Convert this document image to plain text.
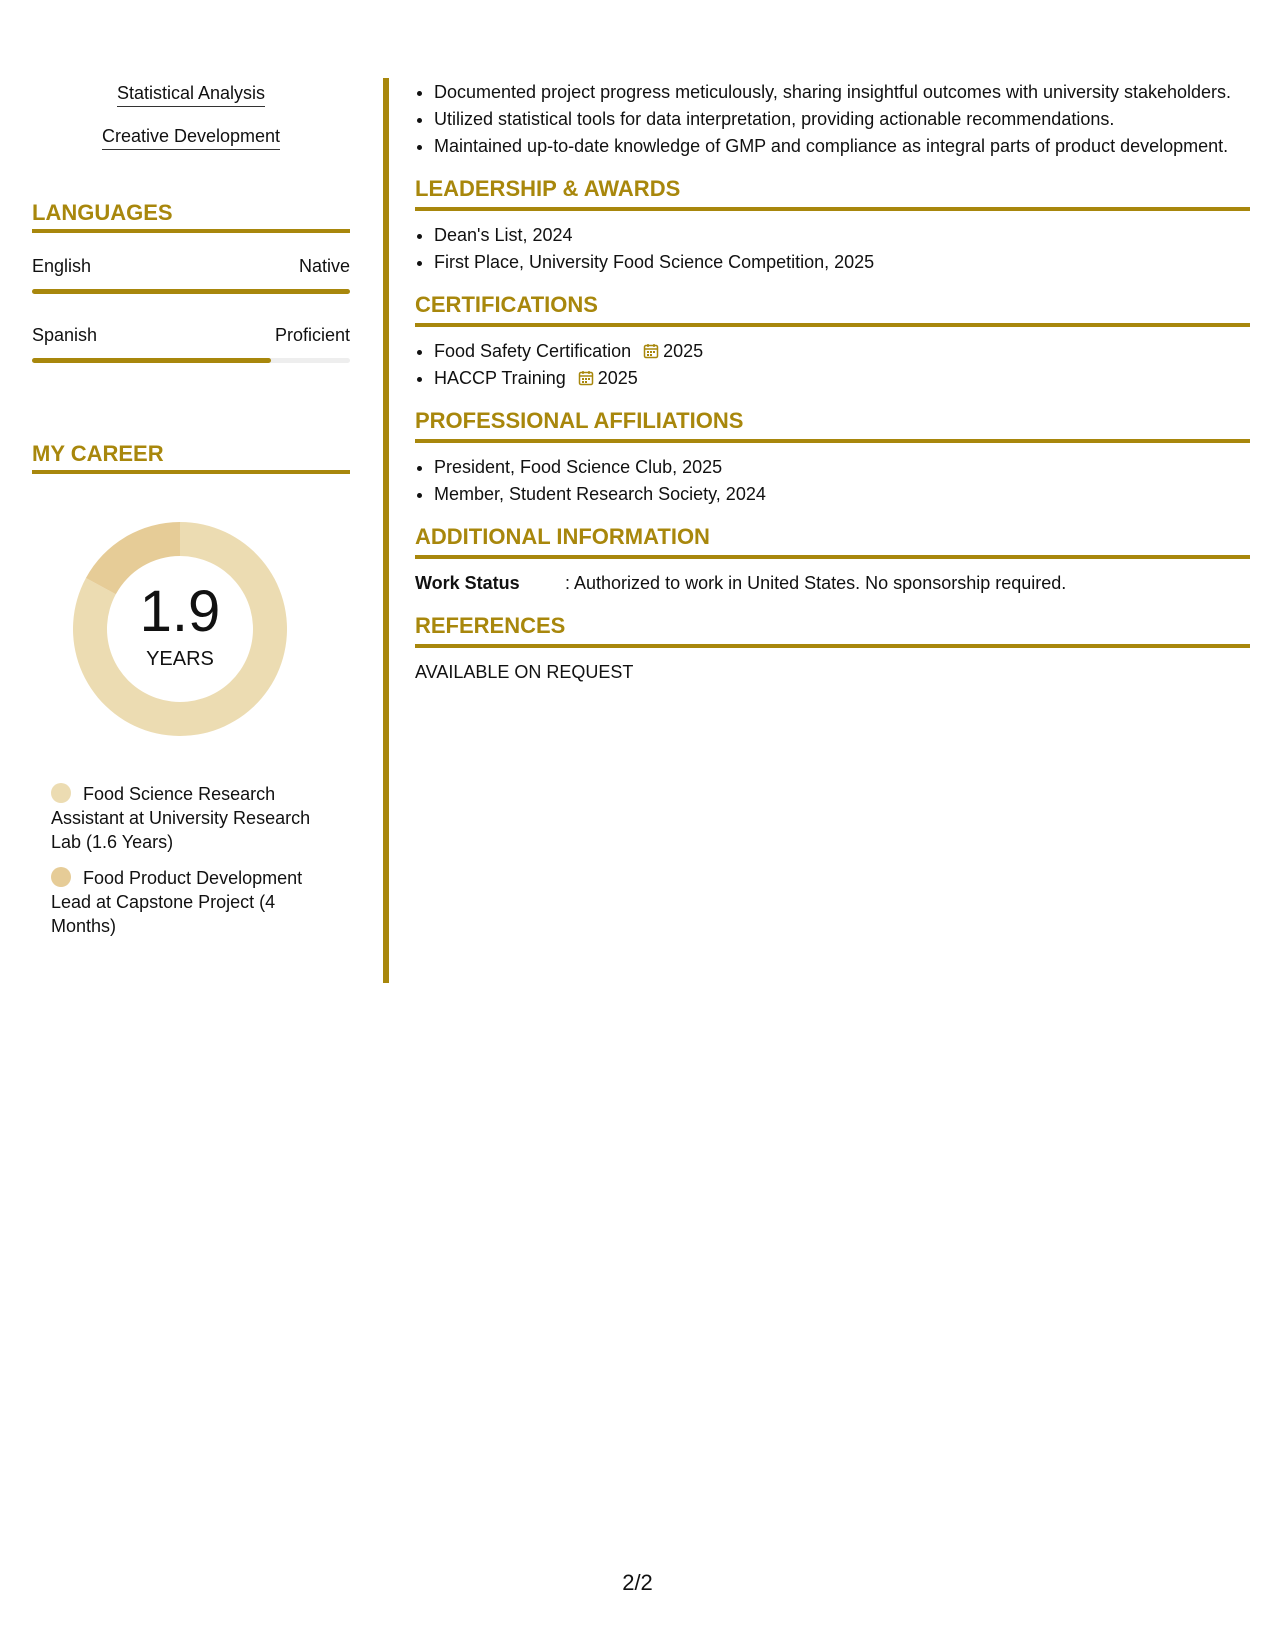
Statistical Analysis
Creative Development
LANGUAGES
English	Native
Spanish	Proficient
MY CAREER
1.9
YEARS
Food Science Research Assistant at University Research Lab (1.6 Years)
Food Product Development Lead at Capstone Project (4 Months)
• Documented project progress meticulously, sharing insightful outcomes with university stakeholders.
• Utilized statistical tools for data interpretation, providing actionable recommendations.
• Maintained up-to-date knowledge of GMP and compliance as integral parts of product development.
LEADERSHIP & AWARDS
• Dean's List, 2024
• First Place, University Food Science Competition, 2025
CERTIFICATIONS
• Food Safety Certification 2025
• HACCP Training 2025
PROFESSIONAL AFFILIATIONS
• President, Food Science Club, 2025
• Member, Student Research Society, 2024
ADDITIONAL INFORMATION
Work Status	: Authorized to work in United States. No sponsorship required.
REFERENCES
AVAILABLE ON REQUEST
2/2
